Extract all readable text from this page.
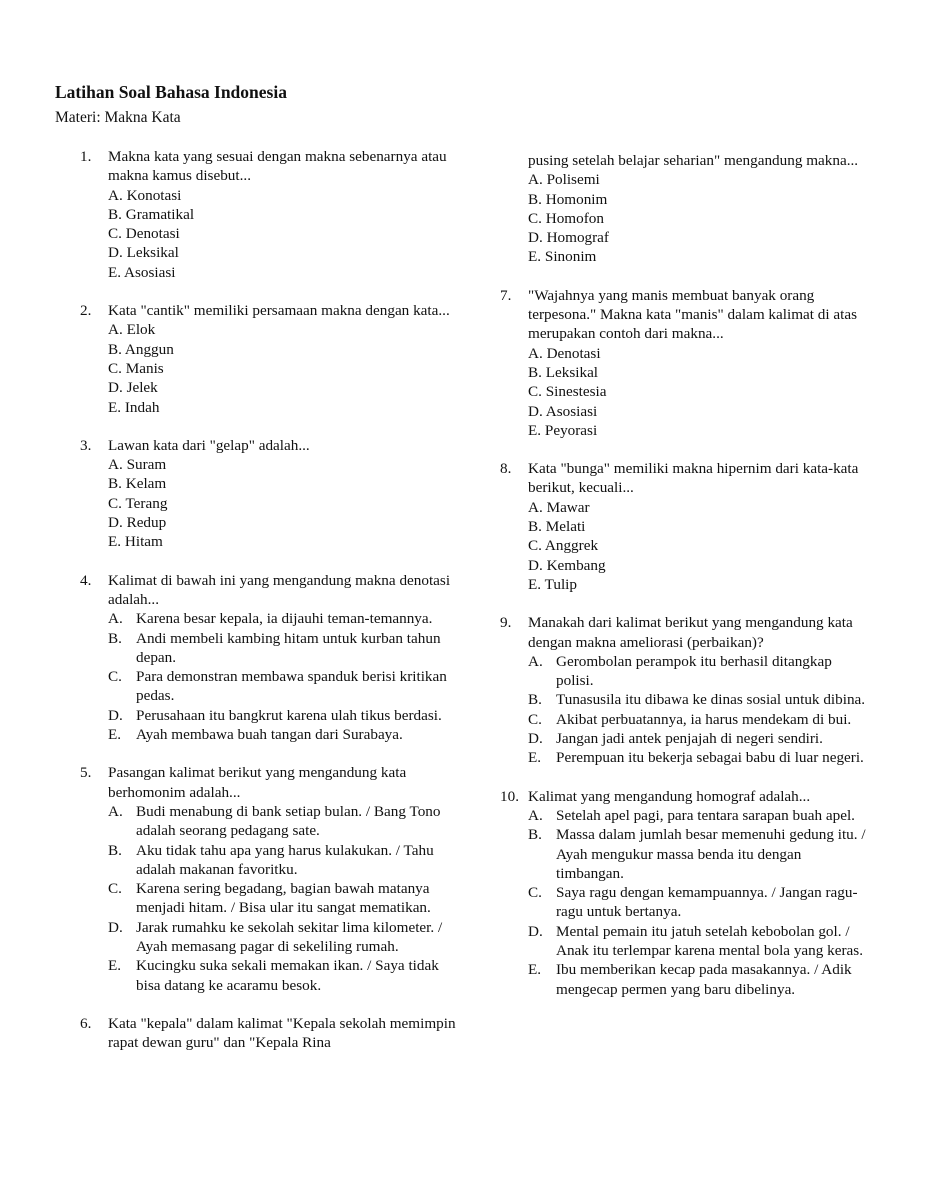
Latihan Soal Bahasa Indonesia
Materi: Makna Kata
1.	Makna kata yang sesuai dengan makna sebenarnya atau makna kamus disebut...
A. Konotasi
B. Gramatikal
C. Denotasi
D. Leksikal
E. Asosiasi
2.	Kata "cantik" memiliki persamaan makna dengan kata...
A. Elok
B. Anggun
C. Manis
D. Jelek
E. Indah
3.	Lawan kata dari "gelap" adalah...
A. Suram
B. Kelam
C. Terang
D. Redup
E. Hitam
4.	Kalimat di bawah ini yang mengandung makna denotasi adalah...
A. Karena besar kepala, ia dijauhi teman-temannya.
B. Andi membeli kambing hitam untuk kurban tahun depan.
C. Para demonstran membawa spanduk berisi kritikan pedas.
D. Perusahaan itu bangkrut karena ulah tikus berdasi.
E. Ayah membawa buah tangan dari Surabaya.
5.	Pasangan kalimat berikut yang mengandung kata berhomonim adalah...
A. Budi menabung di bank setiap bulan. / Bang Tono adalah seorang pedagang sate.
B. Aku tidak tahu apa yang harus kulakukan. / Tahu adalah makanan favoritku.
C. Karena sering begadang, bagian bawah matanya menjadi hitam. / Bisa ular itu sangat mematikan.
D. Jarak rumahku ke sekolah sekitar lima kilometer. / Ayah memasang pagar di sekeliling rumah.
E. Kucingku suka sekali memakan ikan. / Saya tidak bisa datang ke acaramu besok.
6.	Kata "kepala" dalam kalimat "Kepala sekolah memimpin rapat dewan guru" dan "Kepala Rina
pusing setelah belajar seharian" mengandung makna...
A. Polisemi
B. Homonim
C. Homofon
D. Homograf
E. Sinonim
7.	"Wajahnya yang manis membuat banyak orang terpesona." Makna kata "manis" dalam kalimat di atas merupakan contoh dari makna...
A. Denotasi
B. Leksikal
C. Sinestesia
D. Asosiasi
E. Peyorasi
8.	Kata "bunga" memiliki makna hipernim dari kata-kata berikut, kecuali...
A. Mawar
B. Melati
C. Anggrek
D. Kembang
E. Tulip
9.	Manakah dari kalimat berikut yang mengandung kata dengan makna ameliorasi (perbaikan)?
A. Gerombolan perampok itu berhasil ditangkap polisi.
B. Tunasusila itu dibawa ke dinas sosial untuk dibina.
C. Akibat perbuatannya, ia harus mendekam di bui.
D. Jangan jadi antek penjajah di negeri sendiri.
E. Perempuan itu bekerja sebagai babu di luar negeri.
10. Kalimat yang mengandung homograf adalah...
A. Setelah apel pagi, para tentara sarapan buah apel.
B. Massa dalam jumlah besar memenuhi gedung itu. / Ayah mengukur massa benda itu dengan timbangan.
C. Saya ragu dengan kemampuannya. / Jangan ragu-ragu untuk bertanya.
D. Mental pemain itu jatuh setelah kebobolan gol. / Anak itu terlempar karena mental bola yang keras.
E. Ibu memberikan kecap pada masakannya. / Adik mengecap permen yang baru dibelinya.
